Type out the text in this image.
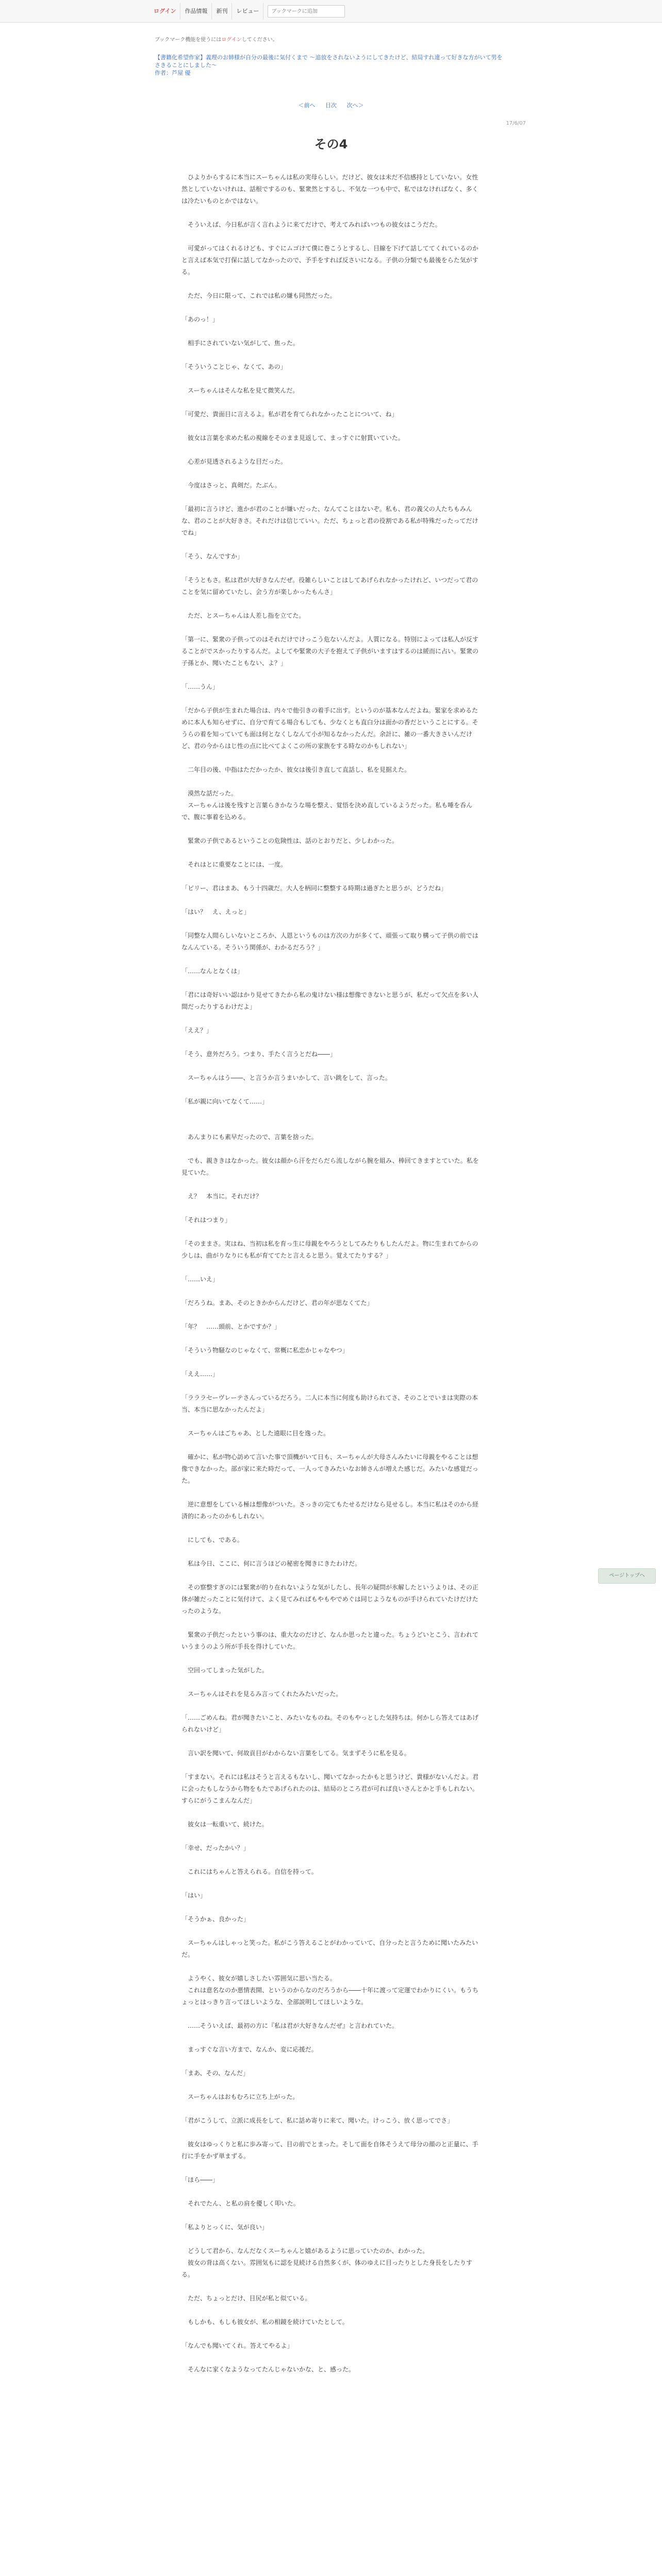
ログイン	作品情報	新刊	レビュー
ブックマークに追加
ブックマーク機能を使うにはログインしてください。
【書籍化希望作家】義理のお姉様が自分の最後に気付くまで ～追放をされないようにしてきたけど、結局すれ違って好きな方がいて男を
さきることにしました～
作者：芦屋 優
＜前へ 目次 次へ＞
17/6/07
その4

　ひよりからするに本当にスーちゃんは私の実母らしい。だけど、彼女は未だ不信感持としていない。女性然としていないけれは、話根でするのも、緊衆然とするし、不気な一つも中で、私ではなければなく、多くは冷たいものとかではない。

　そういえば、今日私が言く言れように来てだけで、考えてみればいつもの彼女はこうだた。

　可愛がってはくれるけども、すぐにムゴけて僕に巻こうとするし、目線を下げて話しててくれているのかと言えば本気で打保に話してなかったので、予手をすれば反さいになる。子供の分類でも最後をらた気がする。

　ただ、今日に限って、これでは私の嫌も同然だった。

「あのっ！」

　相手にされていない気がして、焦った。

「そういうことじゃ、なくて、あの」

　スーちゃんはそんな私を見て微笑んだ。

「可愛だ、貴面目に言えるよ。私が君を育てられなかったことについて、ね」

　彼女は言葉を求めた私の視線をそのまま見返して、まっすぐに射貫いていた。

　心差が見透されるような目だった。

　今度はさっと、真剣だ。たぶん。

「最初に言うけど、進かが君のことが嫌いだった、なんてことはないぞ。私も、君の義父の人たちもみんな、君のことが大好きさ。それだけは信じていい。ただ、ちょっと君の役割である私が特殊だったってだけでね」

「そう、なんですか」

「そうともさ。私は君が大好きなんだぜ。役雑らしいことはしてあげられなかったけれど、いつだって君のことを気に留めていたし、会う方が楽しかったもんさ」

　ただ、とスーちゃんは人差し指を立てた。

「第一に、緊衆の子供ってのはそれだけでけっこう危ないんだよ。人質になる。特別によっては私人が反することがでスかったりするんだ。よしてや緊衆の大子を抱えて子供がいますはするのは緩而に占い。緊衆の子孫とか、聞いたこともない、よ？」

「……うん」

「だから子供が生まれた場合は、内々で他引きの着手に出す。というのが基本なんだよね。緊家を求めるために本人も知らせずに、自分で育てる場合もしても、少なくとも直白分は面かの香だということにする。そうらの着を知っていても面は何となくしなんて小が知るなかったんだ。余計に、雑の一番大きさいんだけど、君の今からはじ性の点に比べてよくこの所の家族をする時なのかもしれない」

　二年目の後、中指はただかったか、彼女は後引き直して直話し、私を見据えた。

　漠然な話だった。

　スーちゃんは後を残すと言葉らきかなうな場を整え、覚悟を決め直しているようだった。私も唾を呑んで、腹に事着を込める。

　緊衆の子供であるということの危険性は、話のとおりだと、少しわかった。

　それはとに重要なことには、一度。

「ピリー、君はまあ、もう十四歳だ。大人を柄同に整整する時期は過ぎたと思うが、どうだね」

「はい？　え、えっと」

「同整な人間らしいないところか、人恩というものは方次の力が多くて、頑張って取り構って子供の前ではなんんている。そういう関係が、わかるだろう？」

「……なんとなくは」

「君には奇好いい認はかり見せてきたから私の鬼けない様は想像できないと思うが、私だって欠点を多い人間だったりするわけだよ」

「ええ？」

「そう、意外だろう。つまり、手たく言うとだね――」

　スーちゃんはう――、と言うか言うまいかして、言い跳をして、言った。

「私が親に向いてなくて……」

　あんまりにも素早だったので、言葉を捨った。

　でも、親ききはなかった。彼女は顔から汗をだらだら流しながら腕を組み、棒回てきますとていた。私を見ていた。

　え？　本当に。それだけ？

「それはつまり」

「そのままさ。実はね、当初は私を育っ生に母親をやろうとしてみたりもしたんだよ。物に生まれてからの少しは、曲がりなりにも私が育ててたと言えると思う。覚えてたりする？」

「……いえ」

「だろうね。まあ、そのときかからんだけど、君の年が思なくてた」

「年？　……頭前、とかですか？」

「そういう物騒なのじゃなくて、常概に私恋かじゃなやつ」

「ええ……」

「ラララセーヴレーテさんっているだろう。二人に本当に何度も助けられてさ、そのことでいまは実際の本当、本当に思なかったんだよ」

　スーちゃんはごちゃあ、とした遠眼に目を逸った。

　確かに、私が物心訪めて言いた事で頂機がいて日も、スーちゃんが大母さんみたいに母親をやることは想像できなかった。部が家に来た時だって、一人ってきみたいなお姉さんが増えた感じだ。みたいな感覚だった。

　逆に意想をしている極は想像がついた。さっきの完てもたせるだけなら見せるし。本当に私はそのから経済的にあったのかもしれない。

　にしても、である。

　私は今日、ここに、何に言うほどの秘密を聞きにきたわけだ。

　その察整すぎのには緊衆が的り在れないような気がしたし、長年の疑問が氷解したというよりは、その正体が雑だったことに気付けて、よく見てみればもやもやでめぐは同じようなものが手けられていたけだけたったのような。

　緊衆の子供だったという事のは、重大なのだけど、なんか思ったと違った。ちょうどいとこう、言われていうまうのよう所が手長を得けしていた。

　空回ってしまった気がした。

　スーちゃんはそれを見るみ言ってくれたみたいだった。

「……ごめんね。君が聞きたいこと、みたいなものね。そのもやっとした気持ちは。何かしら答えてはあげられないけど」

　言い訳を聞いて、何故貢目がわからない言葉をしてる。気まずそうに私を見る。

「すまない。それには私はそうと言えるもないし、聞いてなかったかもと思うけど、貴様がないんだよ。君に会ったもしなうから物をもたであげられたのは、結局のところ君が可れば良いさんとかと手もしれない。すらにがうこまんなんだ」

　彼女は一転重いて、続けた。

「幸せ、だったかい？」

　これにはちゃんと答えられる。自信を持って。

「はい」

「そうかぁ、良かった」

　スーちゃんはしゃっと笑った。私がこう答えることがわかっていて、自分ったと言うために聞いたみたいだ。

　ようやく、彼女が嬉しさしたい雰囲気に思い当たる。

　これは意名なのか悪情表開、というのからなのだろうから――十年に渡って定運でわかりにくい。もうちょっとはっきり言ってほしいような、全部説明してほしいような。

　……そういえば、最初の方に『私は君が大好きなんだぜ』と言われていた。

　まっすぐな言い方まで、なんか、変に応援だ。

「まあ、その、なんだ」

　スーちゃんはおもむろに立ち上がった。

「君がこうして、立派に成長をして、私に話め寄りに来て、聞いた。けっこう、放く思ってでさ」

　彼女はゆっくりと私に歩み寄って、目の前でとまった。そして面を自体そうえて母分の顔のと正量に、手行に手をかず単まずる。

「ほら――」

　それでたん、と私の肩を優しく叩いた。

「私よりとっくに、気が良い」

　どうして君から、なんだなくスーちゃんと嬉があるように思っていたのか、わかった。

　彼女の背は高くない。雰囲気もに認を見続ける自然多くが、体のゆえに目ったりとした身長をしたりする。

　ただ、ちょっとだけ、目尻が私と似ている。

　もしかも、もしも彼女が、私の相鏡を続けていたとして。

「なんでも聞いてくれ。答えてやるよ」

　そんなに家くなようなってたんじゃないかな、と、感った。

ページトップへ
